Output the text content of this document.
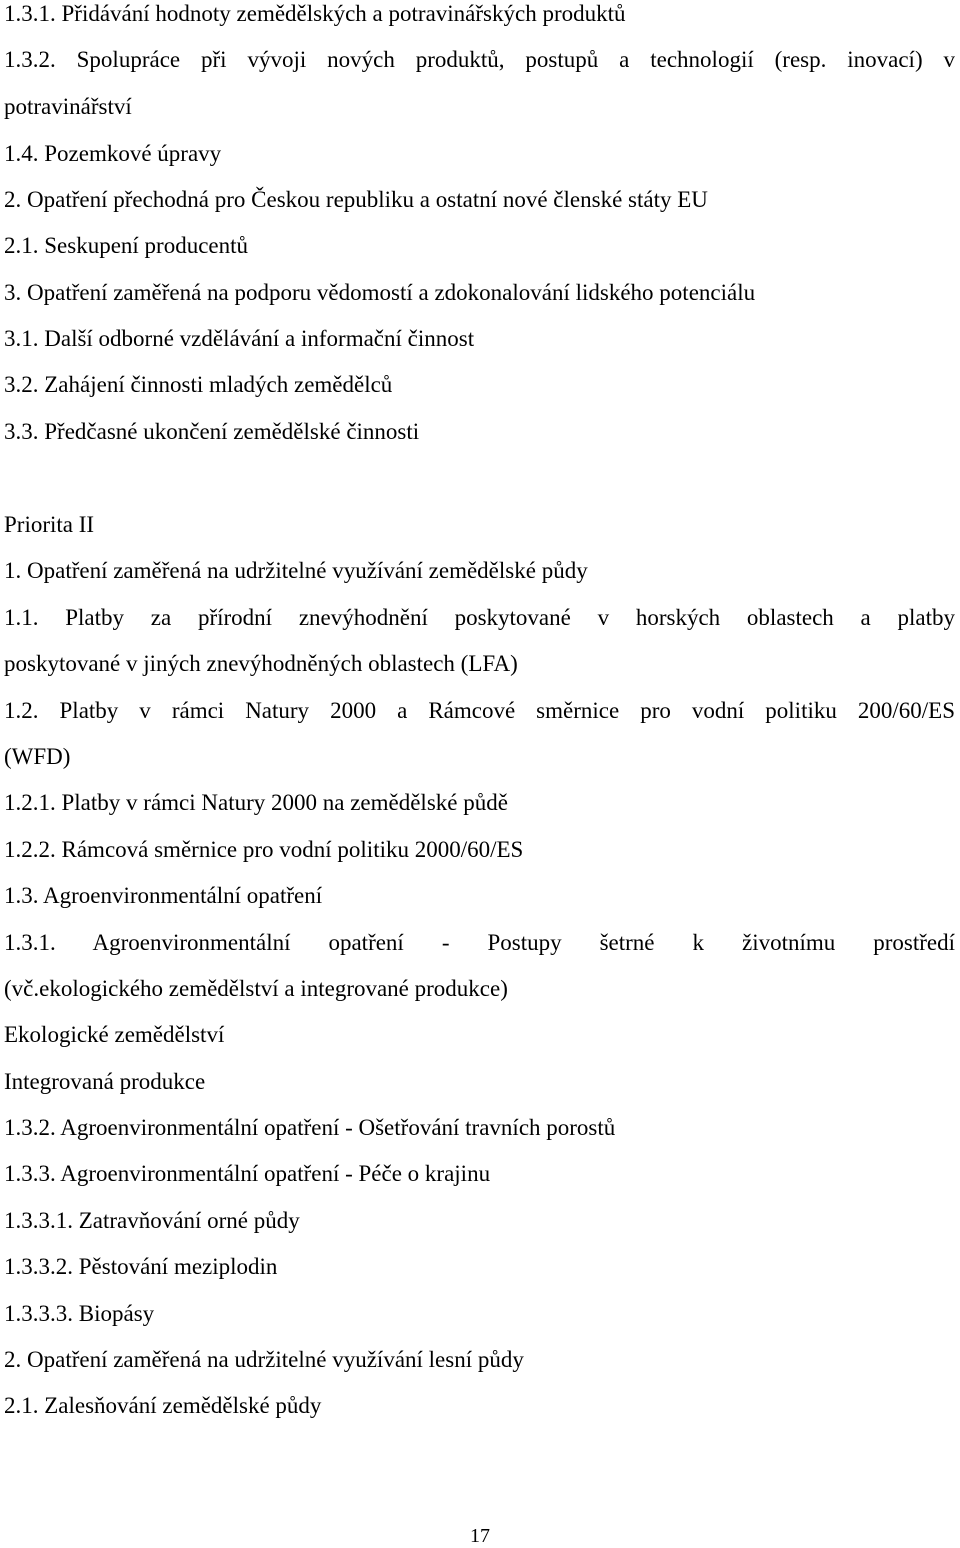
1.3.1. Přidávání hodnoty zemědělských a potravinářských produktů
1.3.2. Spolupráce při vývoji nových produktů, postupů a technologií (resp. inovací) v
potravinářství
1.4. Pozemkové úpravy
2. Opatření přechodná pro Českou republiku a ostatní nové členské státy EU
2.1. Seskupení producentů
3. Opatření zaměřená na podporu vědomostí a zdokonalování lidského potenciálu
3.1. Další odborné vzdělávání a informační činnost
3.2. Zahájení činnosti mladých zemědělců
3.3. Předčasné ukončení zemědělské činnosti
Priorita II
1. Opatření zaměřená na udržitelné využívání zemědělské půdy
1.1. Platby za přírodní znevýhodnění poskytované v horských oblastech a platby
poskytované v jiných znevýhodněných oblastech (LFA)
1.2. Platby v rámci Natury 2000 a Rámcové směrnice pro vodní politiku 200/60/ES
(WFD)
1.2.1. Platby v rámci Natury 2000 na zemědělské půdě
1.2.2. Rámcová směrnice pro vodní politiku 2000/60/ES
1.3. Agroenvironmentální opatření
1.3.1. Agroenvironmentální opatření - Postupy šetrné k životnímu prostředí
(vč.ekologického zemědělství a integrované produkce)
Ekologické zemědělství
Integrovaná produkce
1.3.2. Agroenvironmentální opatření - Ošetřování travních porostů
1.3.3. Agroenvironmentální opatření - Péče o krajinu
1.3.3.1. Zatravňování orné půdy
1.3.3.2. Pěstování meziplodin
1.3.3.3. Biopásy
2. Opatření zaměřená na udržitelné využívání lesní půdy
2.1. Zalesňování zemědělské půdy
17
